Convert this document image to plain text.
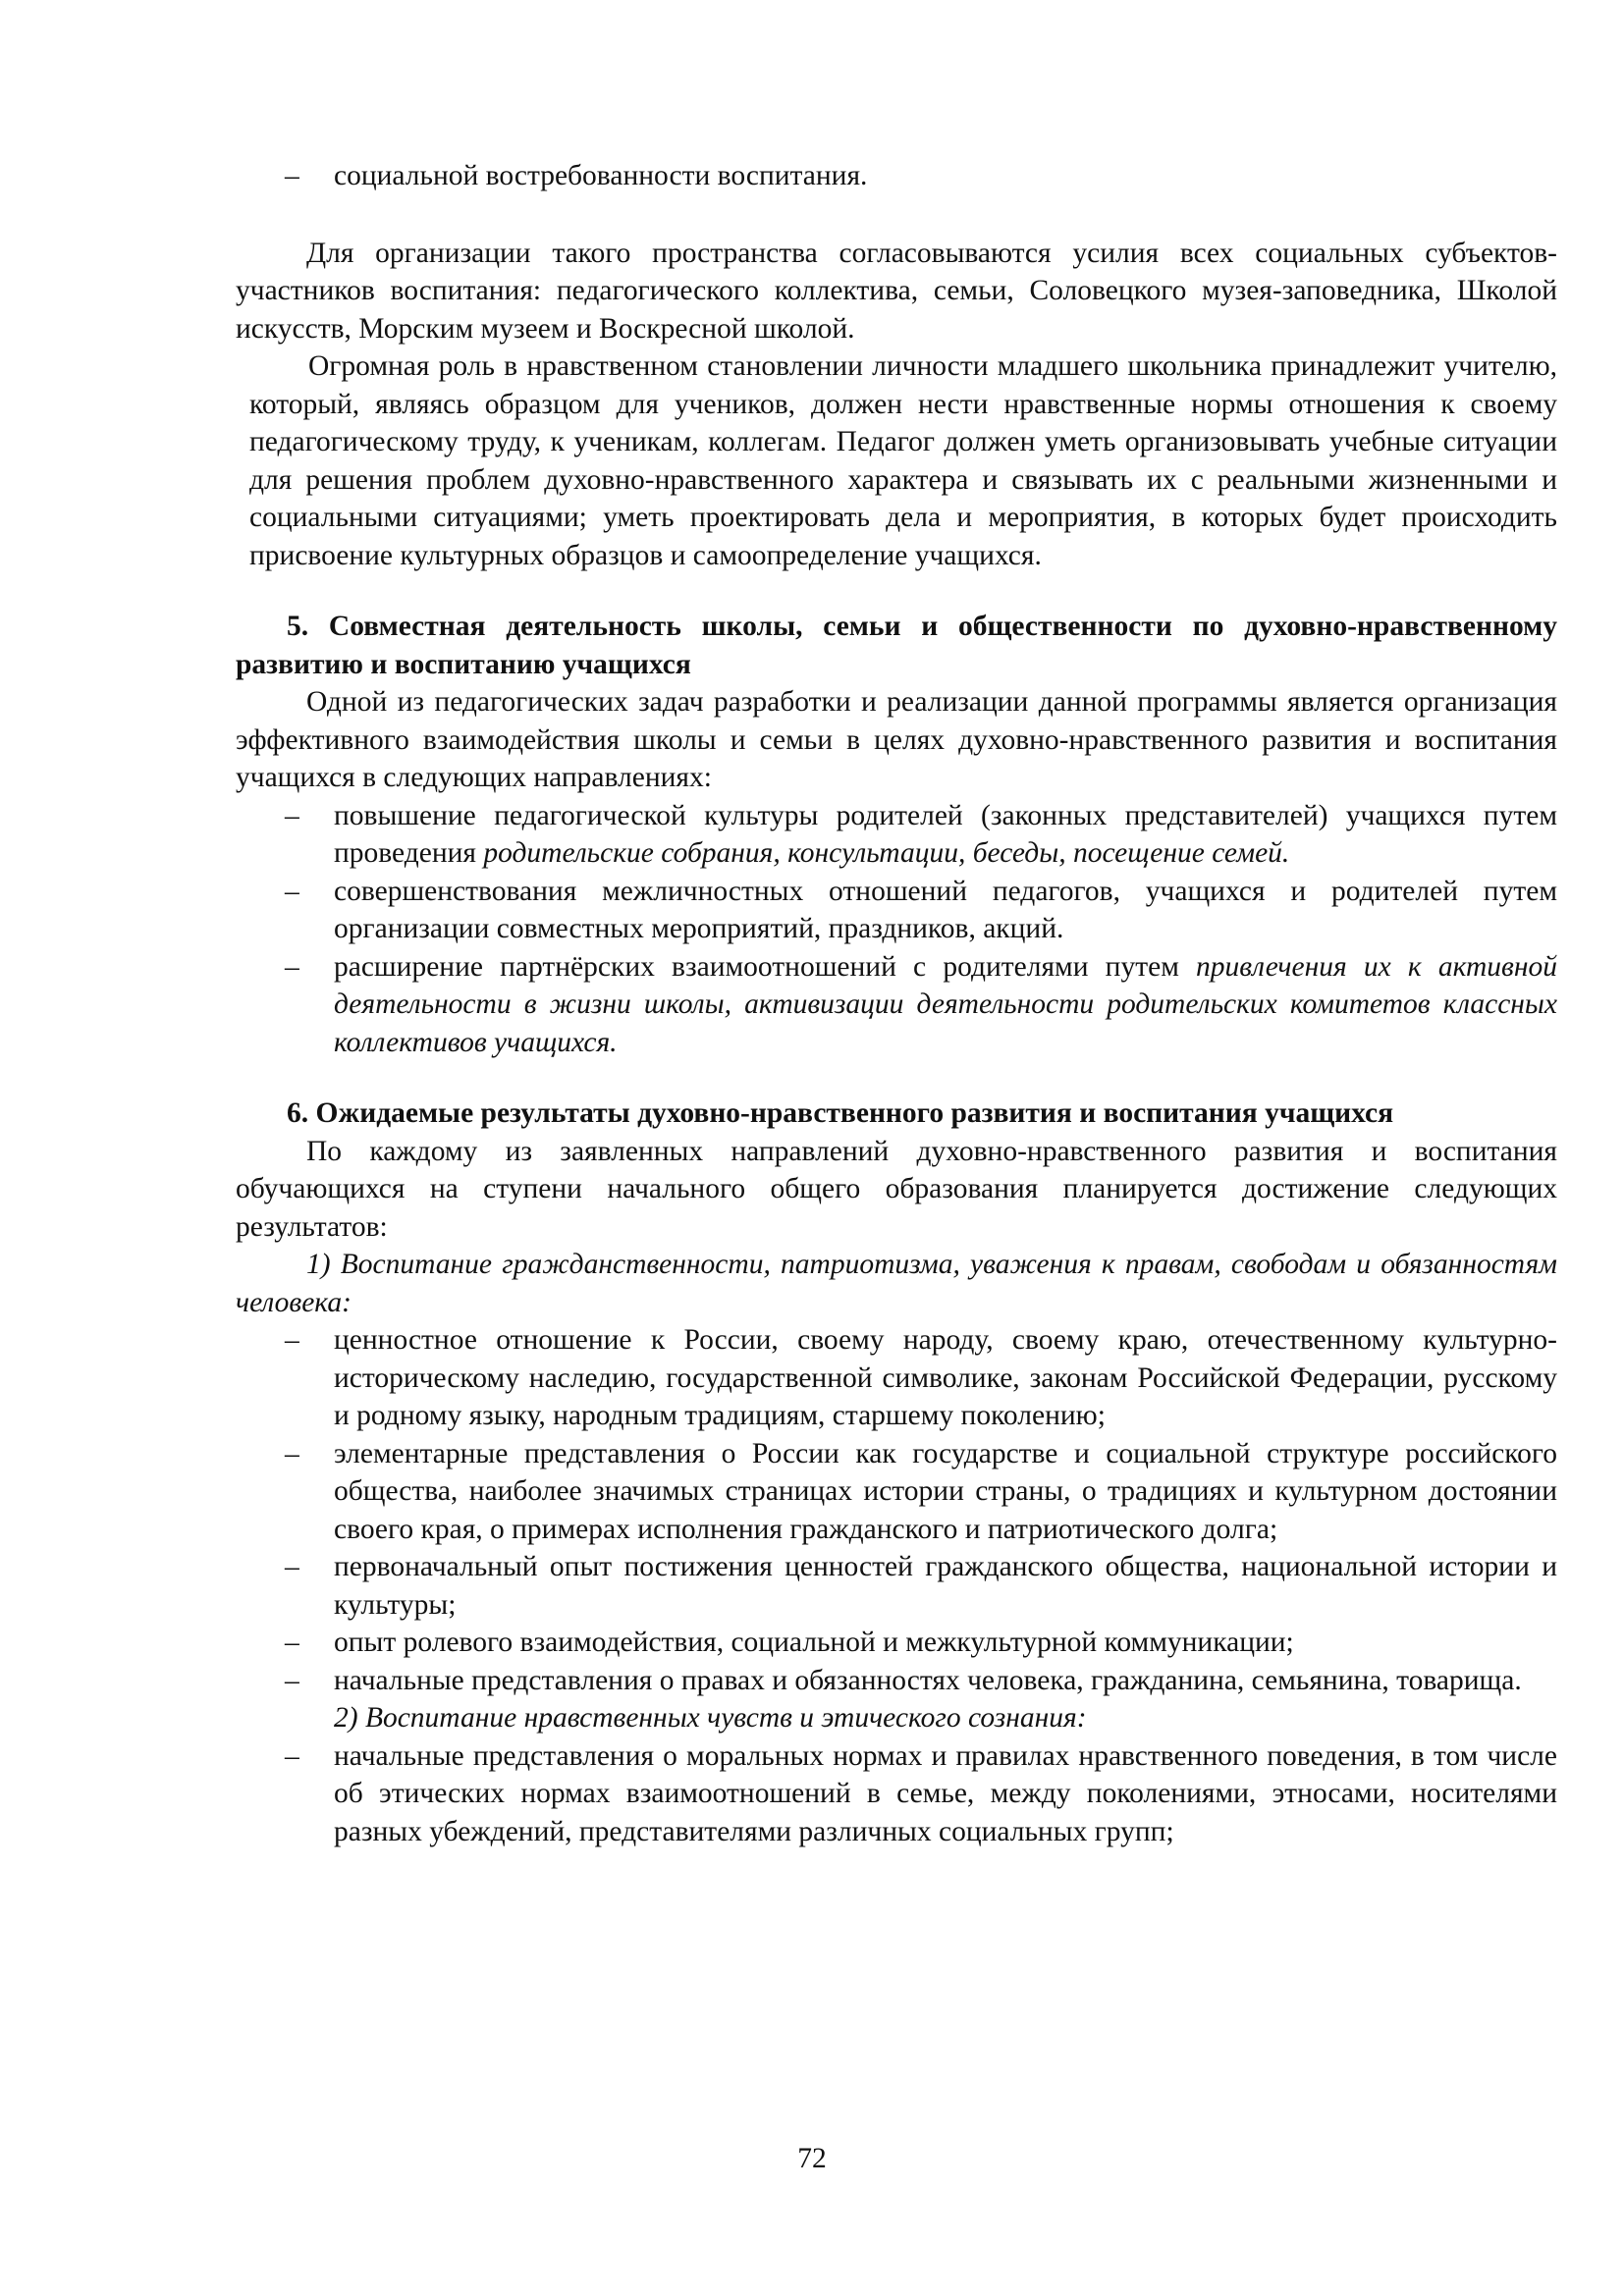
– социальной востребованности воспитания.

Для организации такого пространства согласовываются усилия всех социальных субъектов-участников воспитания: педагогического коллектива, семьи, Соловецкого музея-заповедника, Школой искусств, Морским музеем и Воскресной школой.

Огромная роль в нравственном становлении личности младшего школьника принадлежит учителю, который, являясь образцом для учеников, должен нести нравственные нормы отношения к своему педагогическому труду, к ученикам, коллегам. Педагог должен уметь организовывать учебные ситуации для решения проблем духовно-нравственного характера и связывать их с реальными жизненными и социальными ситуациями; уметь проектировать дела и мероприятия, в которых будет происходить присвоение культурных образцов и самоопределение учащихся.

5. Совместная деятельность школы, семьи и общественности по духовно-нравственному развитию и воспитанию учащихся

Одной из педагогических задач разработки и реализации данной программы является организация эффективного взаимодействия школы и семьи в целях духовно-нравственного развития и воспитания учащихся в следующих направлениях:

– повышение педагогической культуры родителей (законных представителей) учащихся путем проведения родительские собрания, консультации, беседы, посещение семей.
– совершенствования межличностных отношений педагогов, учащихся и родителей путем организации совместных мероприятий, праздников, акций.
– расширение партнёрских взаимоотношений с родителями путем привлечения их к активной деятельности в жизни школы, активизации деятельности родительских комитетов классных коллективов учащихся.

6. Ожидаемые результаты духовно-нравственного развития и воспитания учащихся

По каждому из заявленных направлений духовно-нравственного развития и воспитания обучающихся на ступени начального общего образования планируется достижение следующих результатов:

1) Воспитание гражданственности, патриотизма, уважения к правам, свободам и обязанностям человека:

– ценностное отношение к России, своему народу, своему краю, отечественному культурно-историческому наследию, государственной символике, законам Российской Федерации, русскому и родному языку, народным традициям, старшему поколению;
– элементарные представления о России как государстве и социальной структуре российского общества, наиболее значимых страницах истории страны, о традициях и культурном достоянии своего края, о примерах исполнения гражданского и патриотического долга;
– первоначальный опыт постижения ценностей гражданского общества, национальной истории и культуры;
– опыт ролевого взаимодействия, социальной и межкультурной коммуникации;
– начальные представления о правах и обязанностях человека, гражданина, семьянина, товарища.

2) Воспитание нравственных чувств и этического сознания:

– начальные представления о моральных нормах и правилах нравственного поведения, в том числе об этических нормах взаимоотношений в семье, между поколениями, этносами, носителями разных убеждений, представителями различных социальных групп;
72
